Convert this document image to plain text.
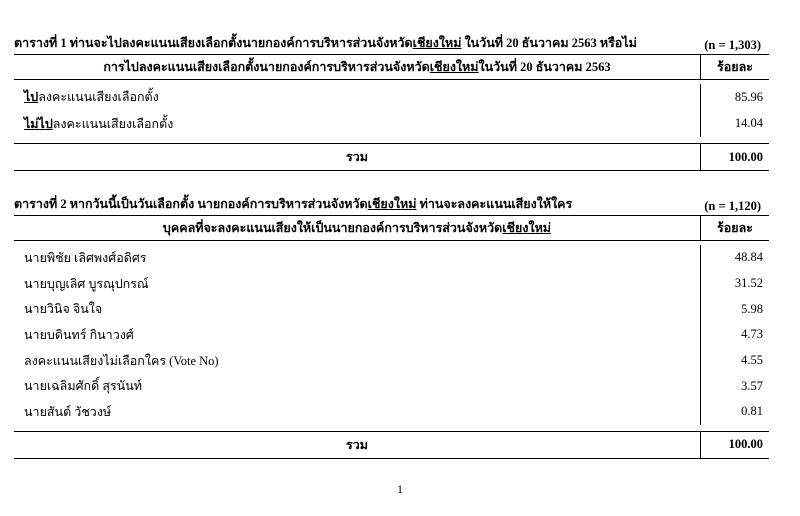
ตารางที่ 1 ท่านจะไปลงคะแนนเสียงเลือกตั้งนายกองค์การบริหารส่วนจังหวัดเชียงใหม่ ในวันที่ 20 ธันวาคม 2563 หรือไม่	(n = 1,303)
การไปลงคะแนนเสียงเลือกตั้งนายกองค์การบริหารส่วนจังหวัด เชียงใหม่ ในวันที่ 20 ธันวาคม 2563	ร้อยละ
ไป ลงคะแนนเสียงเลือกตั้ง	85.96
ไม่ไป ลงคะแนนเสียงเลือกตั้ง	14.04
รวม	100.00
ตารางที่ 2 หากวันนี้เป็นวันเลือกตั้ง นายกองค์การบริหารส่วนจังหวัดเชียงใหม่ ท่านจะลงคะแนนเสียงให้ใคร	(n = 1,120)
บุคคลที่จะลงคะแนนเสียงให้เป็นนายกองค์การบริหารส่วนจังหวัด เชียงใหม่	ร้อยละ
นายพิชัย เลิศพงศ์อดิศร	48.84
นายบุญเลิศ บูรณุปกรณ์	31.52
นายวินิจ จินใจ	5.98
นายบดินทร์ กินาวงศ์	4.73
ลงคะแนนเสียงไม่เลือกใคร (Vote No)	4.55
นายเฉลิมศักดิ์ สุรนันท์	3.57
นายสันต์ วัชวงษ์	0.81
รวม	100.00
1
